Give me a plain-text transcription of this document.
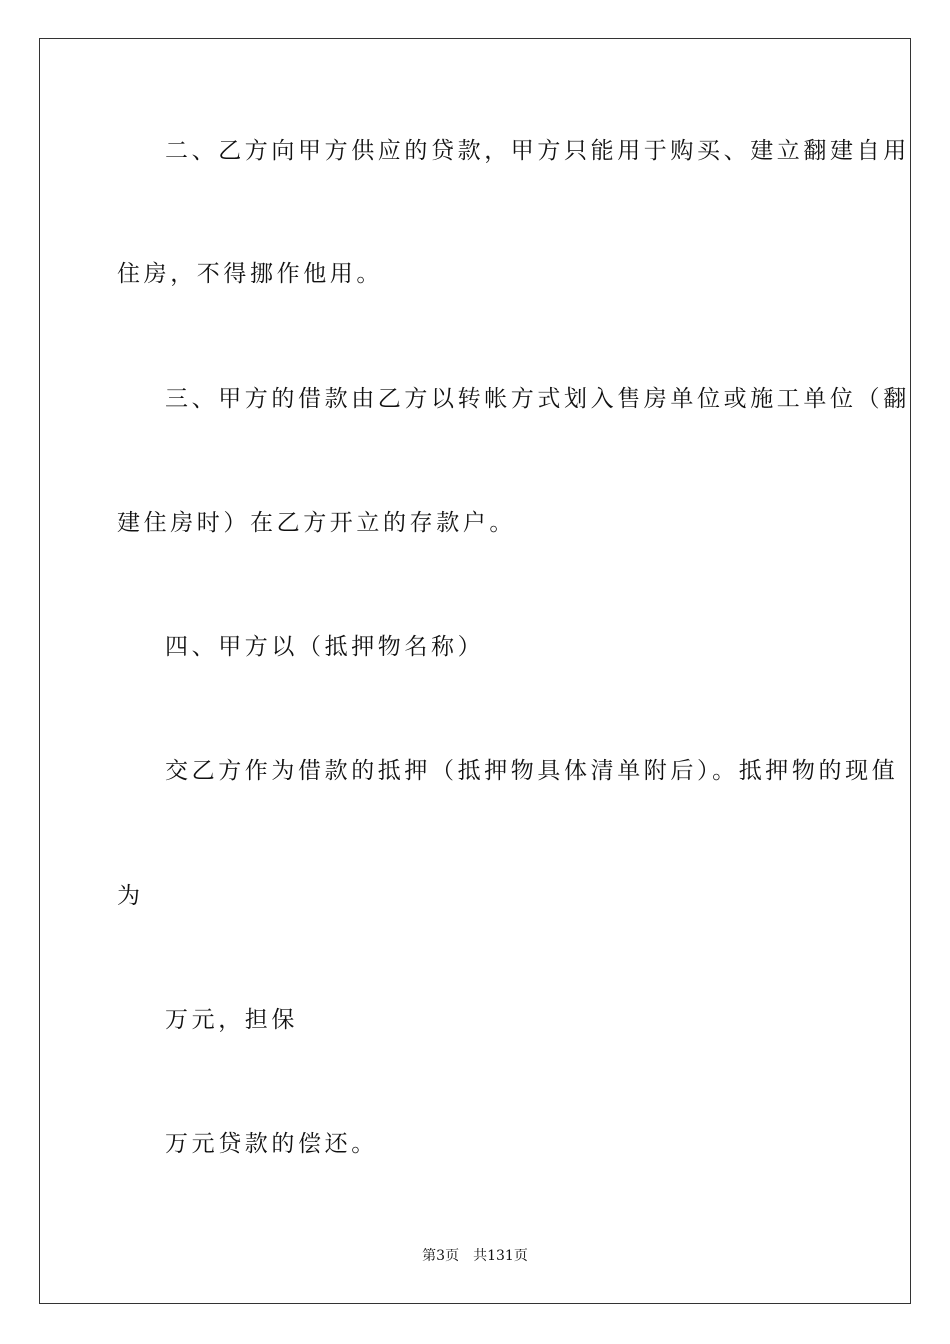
二、乙方向甲方供应的贷款，甲方只能用于购买、建立翻建自用
住房，不得挪作他用。
三、甲方的借款由乙方以转帐方式划入售房单位或施工单位（翻
建住房时）在乙方开立的存款户。
四、甲方以（抵押物名称）
交乙方作为借款的抵押（抵押物具体清单附后）。抵押物的现值
为
万元，担保
万元贷款的偿还。
第3页 共131页
